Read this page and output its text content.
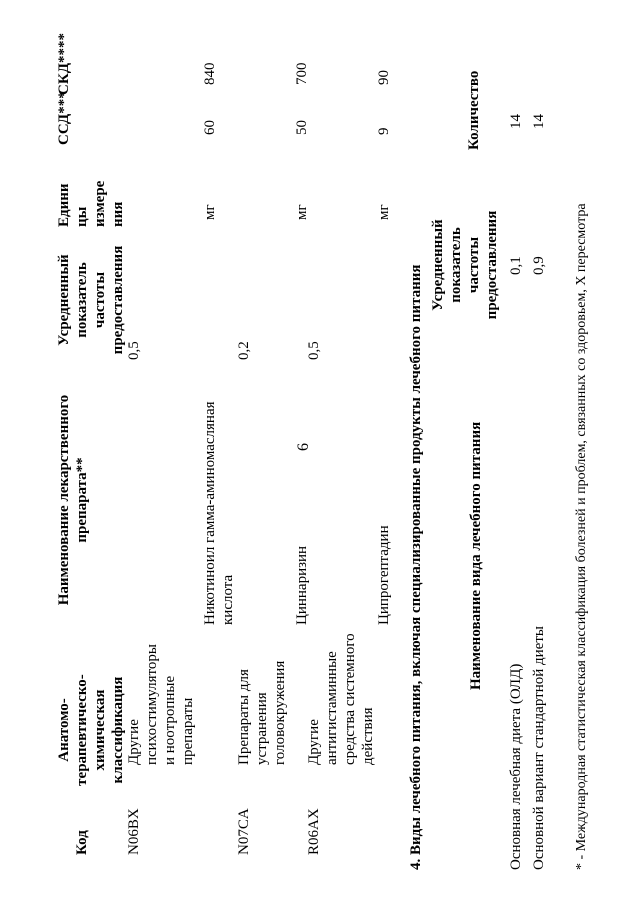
6
Код
Анатомо- терапевтическо- химическая классификация
Наименование лекарственного препарата**
Усредненный показатель частоты предоставления
Едини цы измере ния
ССД***
СКД****
N06BX
Другие психостимуляторы и ноотропные препараты
0,5
Никотиноил гамма-аминомасляная кислота
мг
60
840
N07CA
Препараты для устранения головокружения
0,2
Циннаризин
мг
50
700
R06AX
Другие антигистаминные средства системного действия
0,5
Ципрогептадин
мг
9
90
4. Виды лечебного питания, включая специализированные продукты лечебного питания	Наименование вида лечебного питания
Усредненный показатель частоты предоставления
Количество
Основная лечебная диета (ОЛД)
0,1
14
Основной вариант стандартной диеты
0,9
14
* - Международная статистическая классификация болезней и проблем, связанных со здоровьем, X пересмотра
